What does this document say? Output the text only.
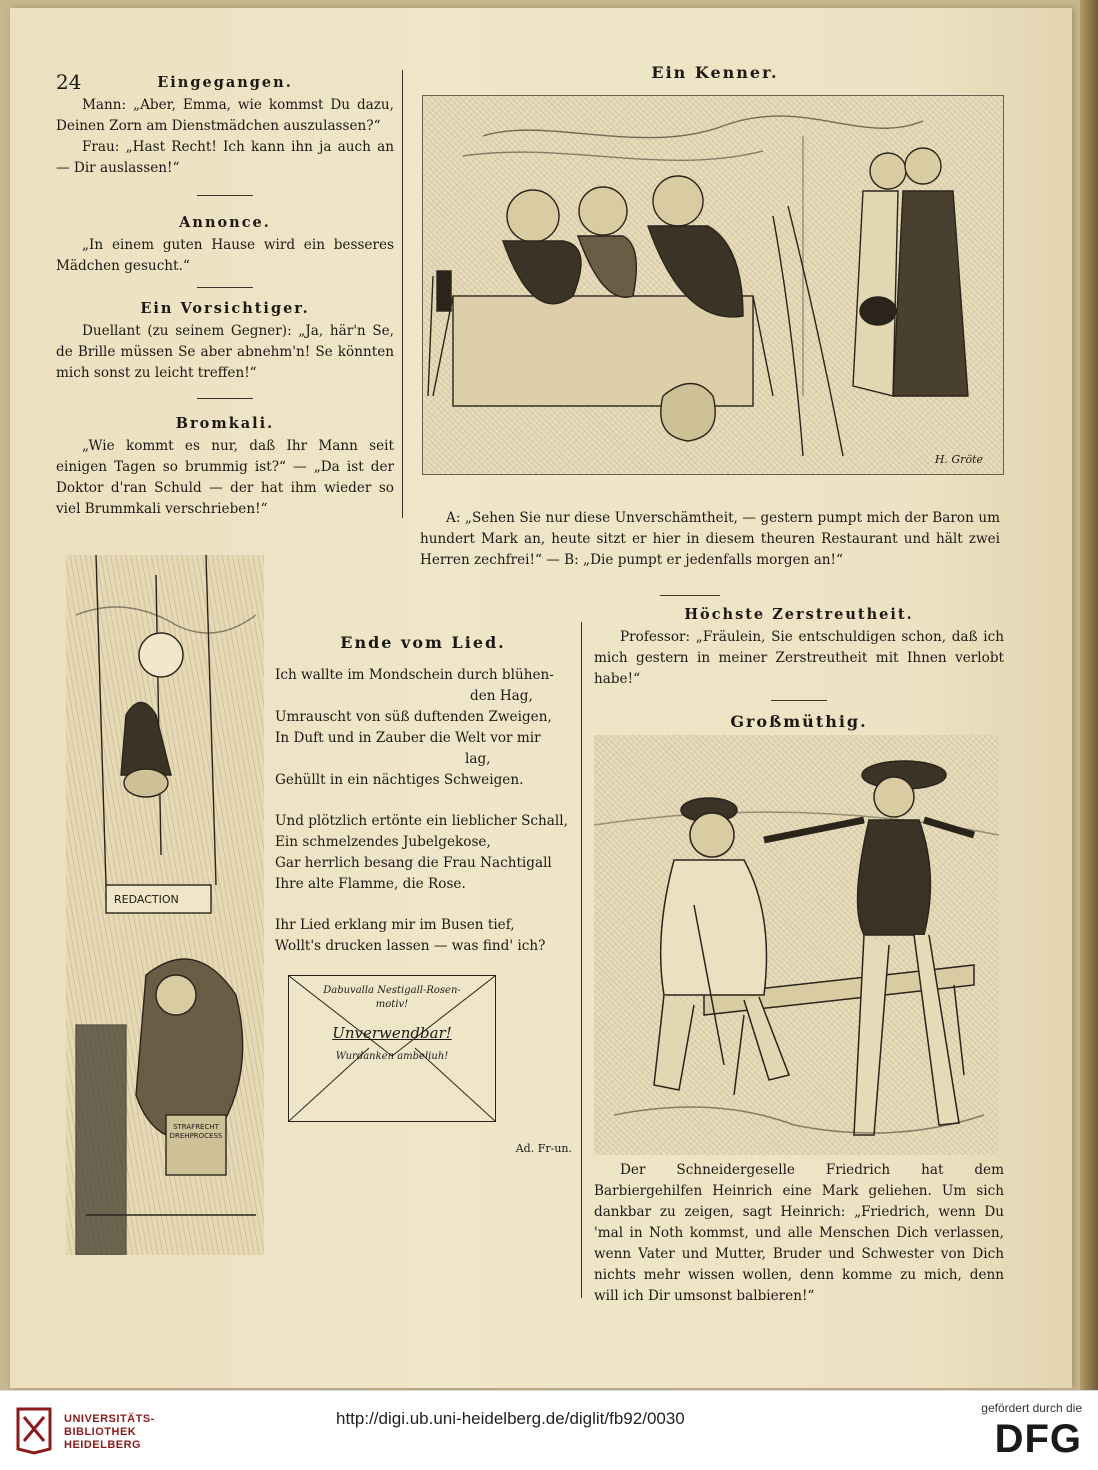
24	Eingegangen.

Mann: „Aber, Emma, wie kommst Du dazu, Deinen Zorn am Dienstmädchen auszulassen?“

Frau: „Hast Recht! Ich kann ihn ja auch an — Dir auslassen!“

Annonce.

„In einem guten Hause wird ein besseres Mädchen gesucht.“

Ein Vorsichtiger.

Duellant (zu seinem Gegner): „Ja, här'n Se, de Brille müssen Se aber abnehm'n! Se könnten mich sonst zu leicht treffen!“

Bromkali.

„Wie kommt es nur, daß Ihr Mann seit einigen Tagen so brummig ist?“ — „Da ist der Doktor d'ran Schuld — der hat ihm wieder so viel Brummkali verschrieben!“

Ein Kenner.
H. Gröte

A: „Sehen Sie nur diese Unverschämtheit, — gestern pumpt mich der Baron um hundert Mark an, heute sitzt er hier in diesem theuren Restaurant und hält zwei Herren zechfrei!“ — B: „Die pumpt er jedenfalls morgen an!“

REDACTION
STRAFRECHT DREHPROCESS
Ende vom Lied.
Ich wallte im Mondschein durch blühen-
den Hag,
Umrauscht von süß duftenden Zweigen,
In Duft und in Zauber die Welt vor mir
lag,
Gehüllt in ein nächtiges Schweigen.
Und plötzlich ertönte ein lieblicher Schall,
Ein schmelzendes Jubelgekose,
Gar herrlich besang die Frau Nachtigall
Ihre alte Flamme, die Rose.
Ihr Lied erklang mir im Busen tief,
Wollt's drucken lassen — was find' ich?
Dabuvalla Nestigall-Rosen-
motiv!
Unverwendbar!
Wurdanken ambeliuh!
Ad. Fr-un.
Höchste Zerstreutheit.

Professor: „Fräulein, Sie entschuldigen schon, daß ich mich gestern in meiner Zerstreutheit mit Ihnen verlobt habe!“

Großmüthig.

Der Schneidergeselle Friedrich hat dem Barbiergehilfen Heinrich eine Mark geliehen. Um sich dankbar zu zeigen, sagt Heinrich: „Friedrich, wenn Du 'mal in Noth kommst, und alle Menschen Dich verlassen, wenn Vater und Mutter, Bruder und Schwester von Dich nichts mehr wissen wollen, denn komme zu mich, denn will ich Dir umsonst balbieren!“

UNIVERSITÄTS-
BIBLIOTHEK
HEIDELBERG
http://digi.ub.uni-heidelberg.de/diglit/fb92/0030
gefördert durch die
DFG
